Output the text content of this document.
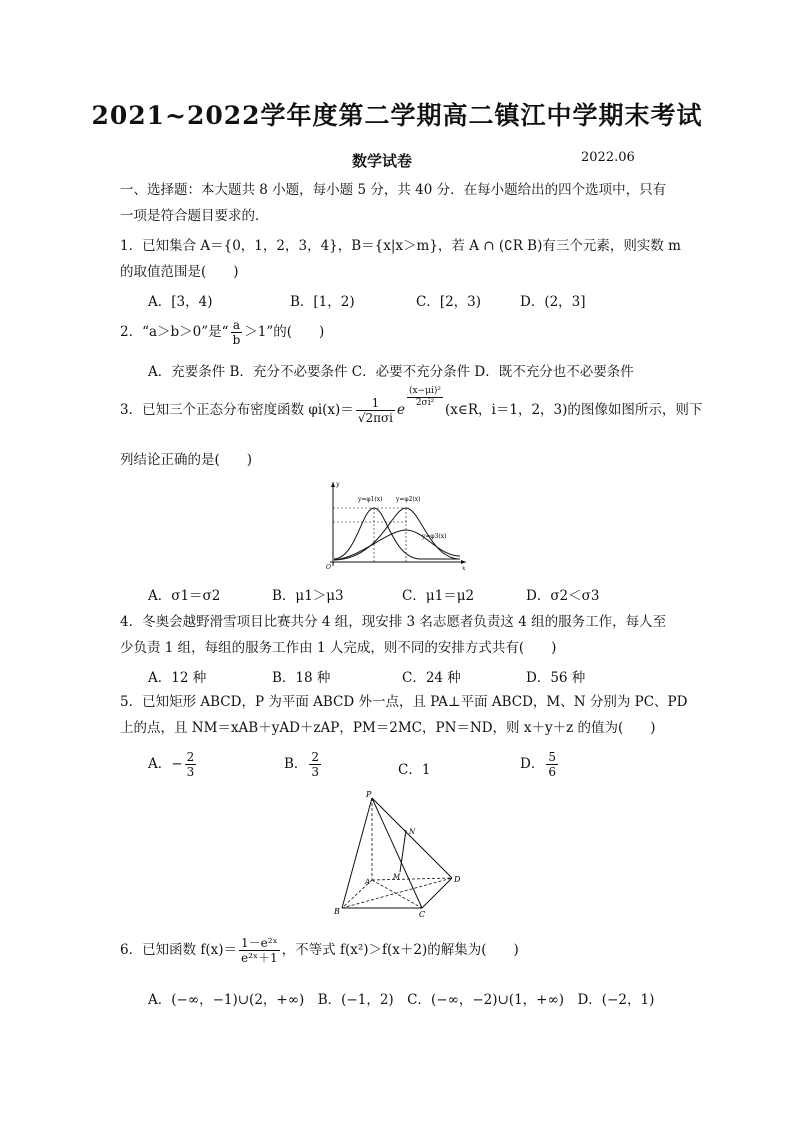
2021~2022学年度第二学期高二镇江中学期末考试
数学试卷	2022.06
一、选择题：本大题共 8 小题，每小题 5 分，共 40 分．在每小题给出的四个选项中，只有
一项是符合题目要求的．
1．已知集合 A＝{0，1，2，3，4}，B＝{x|x＞m}，若 A ∩ (∁R B)有三个元素，则实数 m
的取值范围是(　　)
A．[3，4)	B．[1，2)	C．[2，3)	D．(2，3]
2．“a＞b＞0”是“ $\frac{a}{b} >1$”的(　　)
A．充要条件 B．充分不必要条件 C．必要不充分条件 D．既不充分也不必要条件
3．已知三个正态分布密度函数 $\varphi i(x)= \frac{1}{\text{√2πσi}}$ e
$\frac{\text{(x−μi)²}}{\text{2σi²}}$
(x∈R，i＝1，2，3)的图像如图所示，则下
列结论正确的是(　　)
y=φ1(x) y=φ2(x)
y=φ3(x)
y
x
O
A．σ1＝σ2	B．μ1＞μ3	C．μ1＝μ2	D．σ2＜σ3
4．冬奥会越野滑雪项目比赛共分 4 组，现安排 3 名志愿者负责这 4 组的服务工作，每人至
少负责 1 组，每组的服务工作由 1 人完成，则不同的安排方式共有(　　)
A．12 种	B．18 种	C．24 种	D．56 种
5．已知矩形 ABCD，P 为平面 ABCD 外一点，且 PA⊥平面 ABCD，M、N 分别为 PC、PD
上的点，且 NM＝xAB＋yAD＋zAP，PM＝2MC，PN＝ND，则 x＋y＋z 的值为(　　)
A．− $\frac{2}{3}$	B． $\frac{2}{3}$	C．1	D． $\frac{5}{6}$
P
N
M
A
B	C
D
6．已知函数 $f(x)= \frac{\text{1－e²ˣ}}{\text{e²ˣ＋1}}$ ，不等式 f(x²)＞f(x＋2)的解集为(　　)
A．(−∞，−1)∪(2，+∞)　B．(−1，2)　C．(−∞，−2)∪(1，+∞)　D．(−2，1)
